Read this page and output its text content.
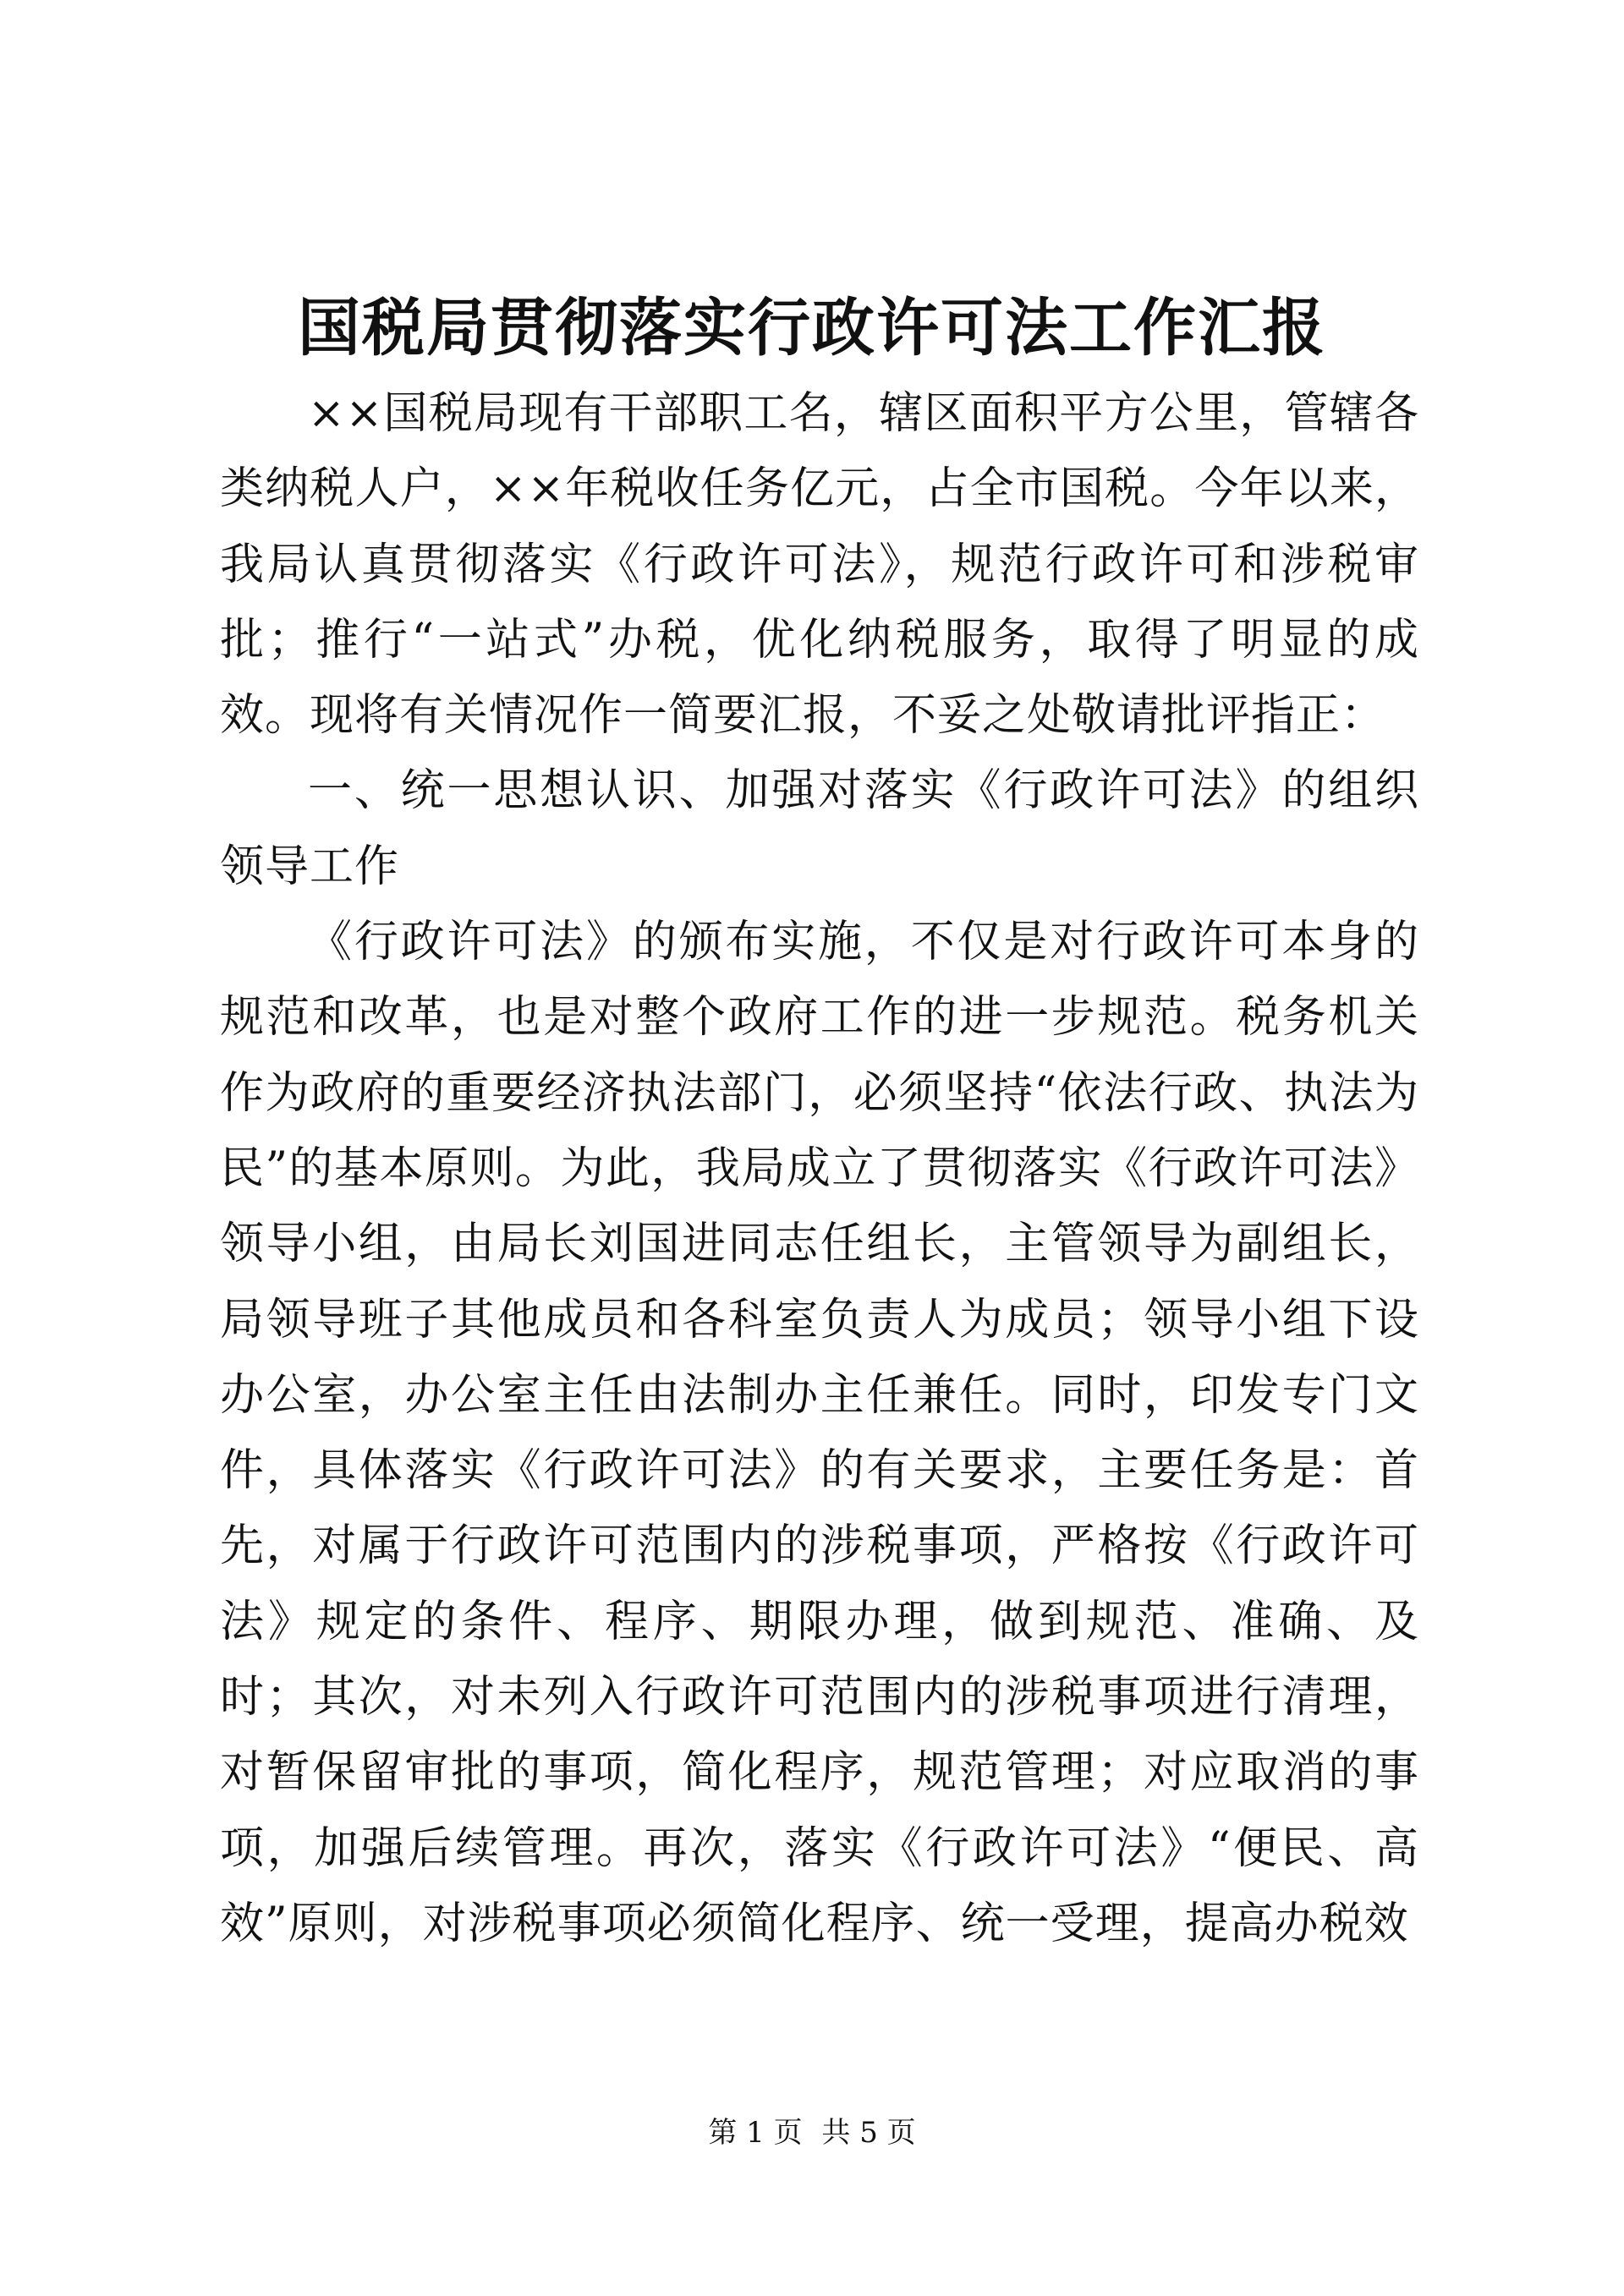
国税局贯彻落实行政许可法工作汇报

××国税局现有干部职工名，辖区面积平方公里，管辖各类纳税人户，××年税收任务亿元，占全市国税。今年以来，我局认真贯彻落实《行政许可法》，规范行政许可和涉税审批；推行“一站式”办税，优化纳税服务，取得了明显的成效。现将有关情况作一简要汇报，不妥之处敬请批评指正：

一、统一思想认识、加强对落实《行政许可法》的组织领导工作

《行政许可法》的颁布实施，不仅是对行政许可本身的规范和改革，也是对整个政府工作的进一步规范。税务机关作为政府的重要经济执法部门，必须坚持“依法行政、执法为民”的基本原则。为此，我局成立了贯彻落实《行政许可法》领导小组，由局长刘国进同志任组长，主管领导为副组长，局领导班子其他成员和各科室负责人为成员；领导小组下设办公室，办公室主任由法制办主任兼任。同时，印发专门文件，具体落实《行政许可法》的有关要求，主要任务是：首先，对属于行政许可范围内的涉税事项，严格按《行政许可法》规定的条件、程序、期限办理，做到规范、准确、及时；其次，对未列入行政许可范围内的涉税事项进行清理，对暂保留审批的事项，简化程序，规范管理；对应取消的事项，加强后续管理。再次，落实《行政许可法》“便民、高效”原则，对涉税事项必须简化程序、统一受理，提高办税效

第 1 页 共 5 页
